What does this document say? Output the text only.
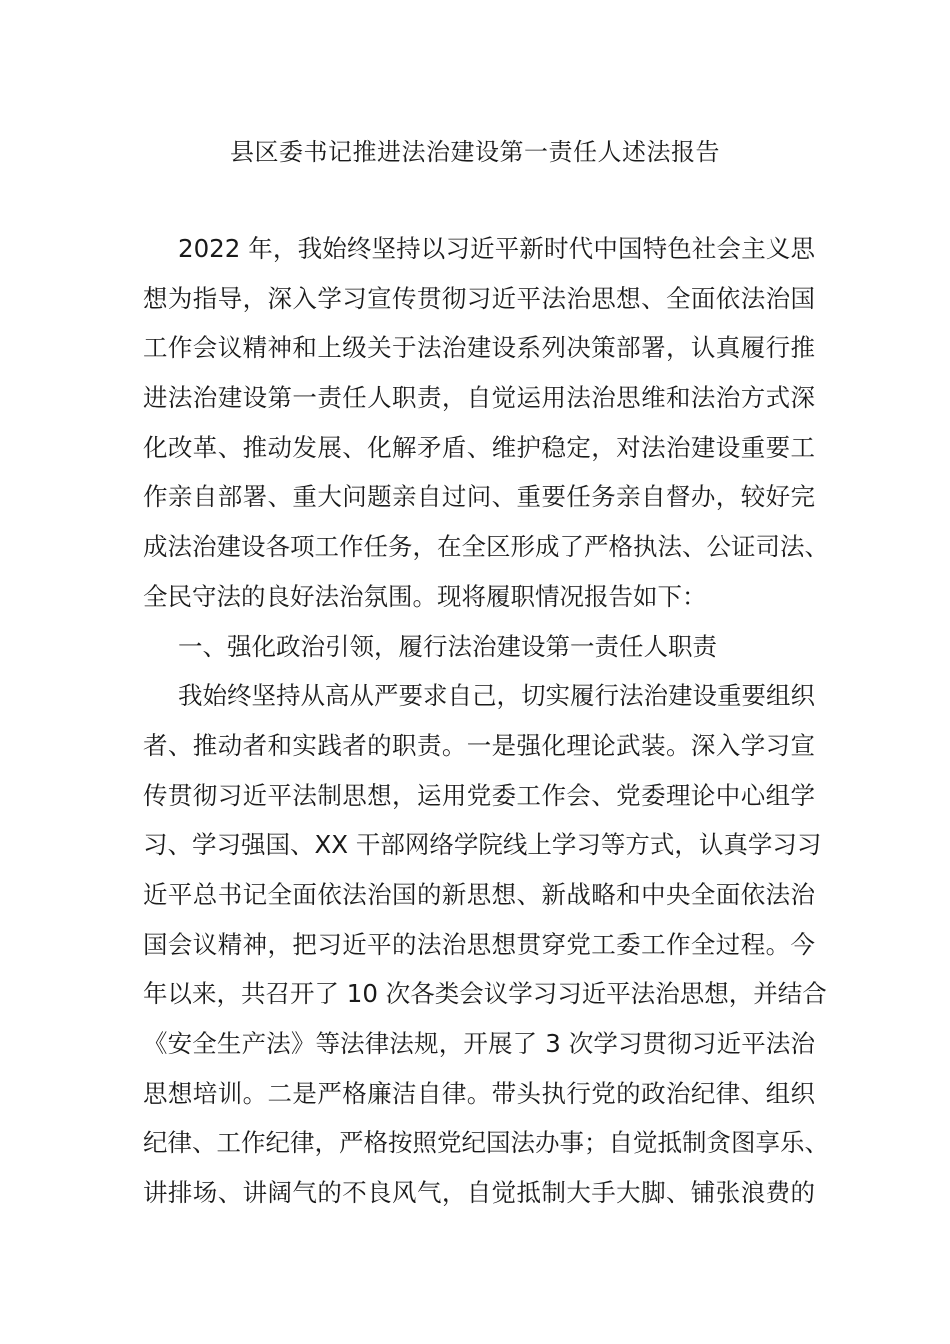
县区委书记推进法治建设第一责任人述法报告
2022 年，我始终坚持以习近平新时代中国特色社会主义思
想为指导，深入学习宣传贯彻习近平法治思想、全面依法治国
工作会议精神和上级关于法治建设系列决策部署，认真履行推
进法治建设第一责任人职责，自觉运用法治思维和法治方式深
化改革、推动发展、化解矛盾、维护稳定，对法治建设重要工
作亲自部署、重大问题亲自过问、重要任务亲自督办，较好完
成法治建设各项工作任务，在全区形成了严格执法、公证司法、
全民守法的良好法治氛围。现将履职情况报告如下：
一、强化政治引领，履行法治建设第一责任人职责
我始终坚持从高从严要求自己，切实履行法治建设重要组织
者、推动者和实践者的职责。一是强化理论武装。深入学习宣
传贯彻习近平法制思想，运用党委工作会、党委理论中心组学
习、学习强国、XX 干部网络学院线上学习等方式，认真学习习
近平总书记全面依法治国的新思想、新战略和中央全面依法治
国会议精神，把习近平的法治思想贯穿党工委工作全过程。今
年以来，共召开了 10 次各类会议学习习近平法治思想，并结合
《安全生产法》等法律法规，开展了 3 次学习贯彻习近平法治
思想培训。二是严格廉洁自律。带头执行党的政治纪律、组织
纪律、工作纪律，严格按照党纪国法办事；自觉抵制贪图享乐、
讲排场、讲阔气的不良风气，自觉抵制大手大脚、铺张浪费的
